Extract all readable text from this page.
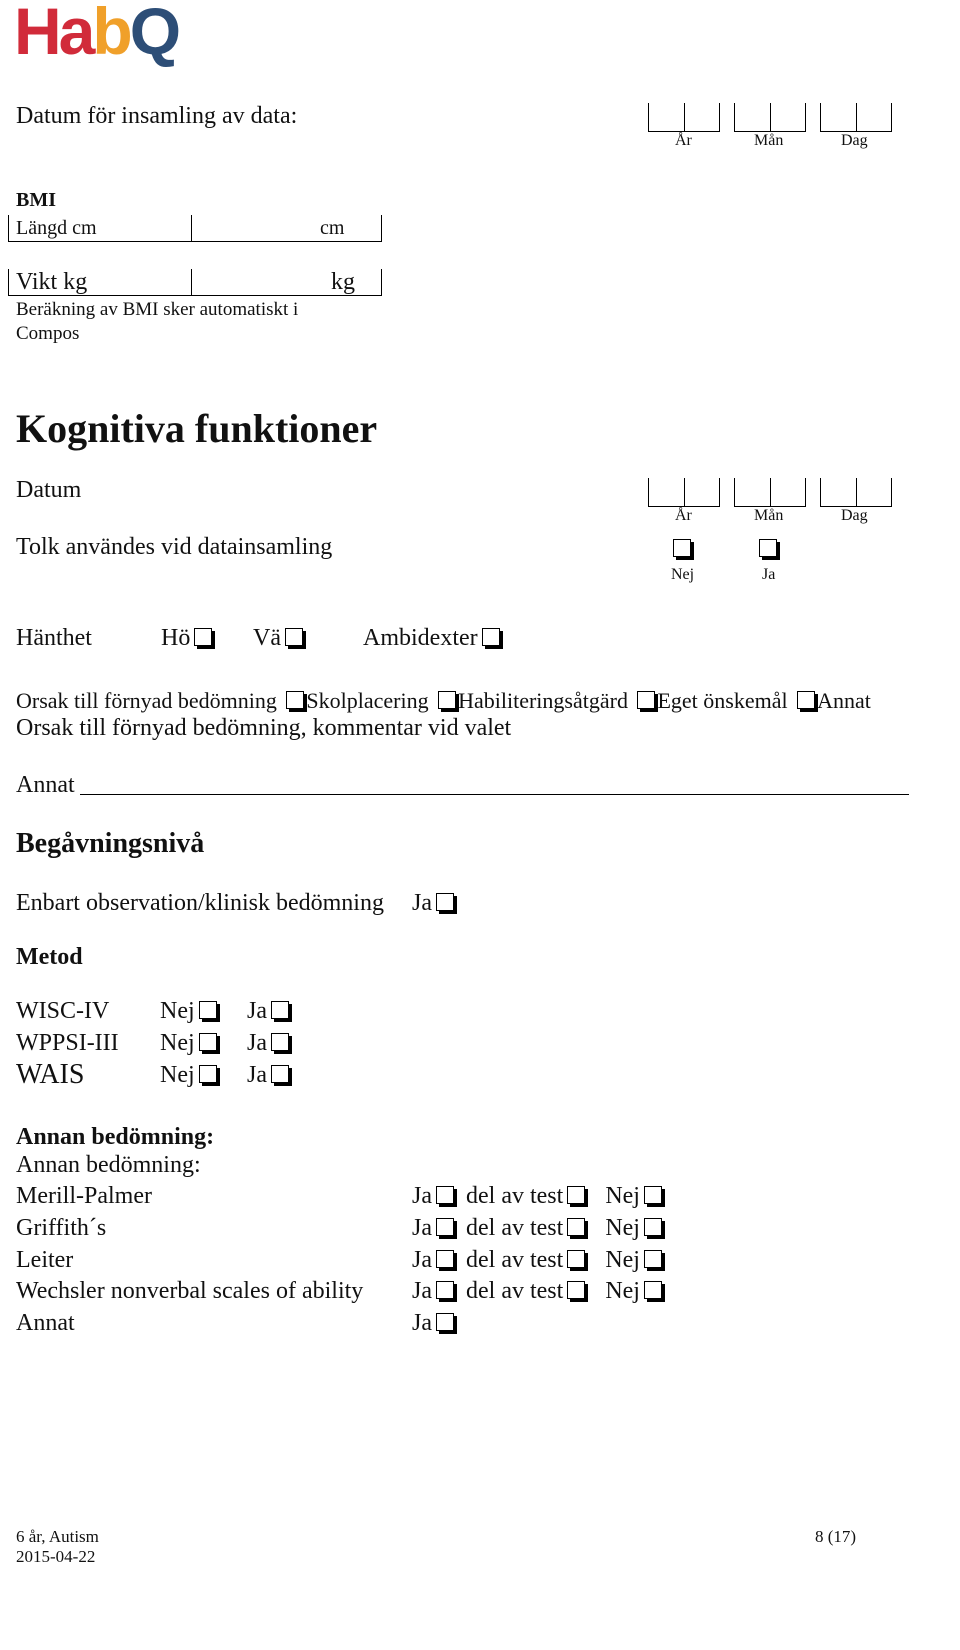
HabQ
Datum för insamling av data:
År	Mån	Dag
BMI
Längd cm	cm
Vikt kg	kg
Beräkning av BMI sker automatiskt i
Compos
Kognitiva funktioner
Datum
År	Mån	Dag
Tolk användes vid datainsamling
Nej	Ja
Hänthet	Hö	Vä	Ambidexter
Orsak till förnyad bedömning Skolplacering Habiliteringsåtgärd Eget önskemål Annat
Orsak till förnyad bedömning, kommentar vid valet
Annat
Begåvningsnivå
Enbart observation/klinisk bedömning Ja
Metod
WISC-IV Nej	Ja
WPPSI-III Nej	Ja
WAIS	Nej	Ja
Annan bedömning:
Annan bedömning:
Merill-Palmer	Ja del av test Nej
Griffith´s	Ja del av test Nej
Leiter	Ja del av test Nej
Wechsler nonverbal scales of ability Ja del av test Nej
Annat	Ja
6 år, Autism
2015-04-22
8 (17)
